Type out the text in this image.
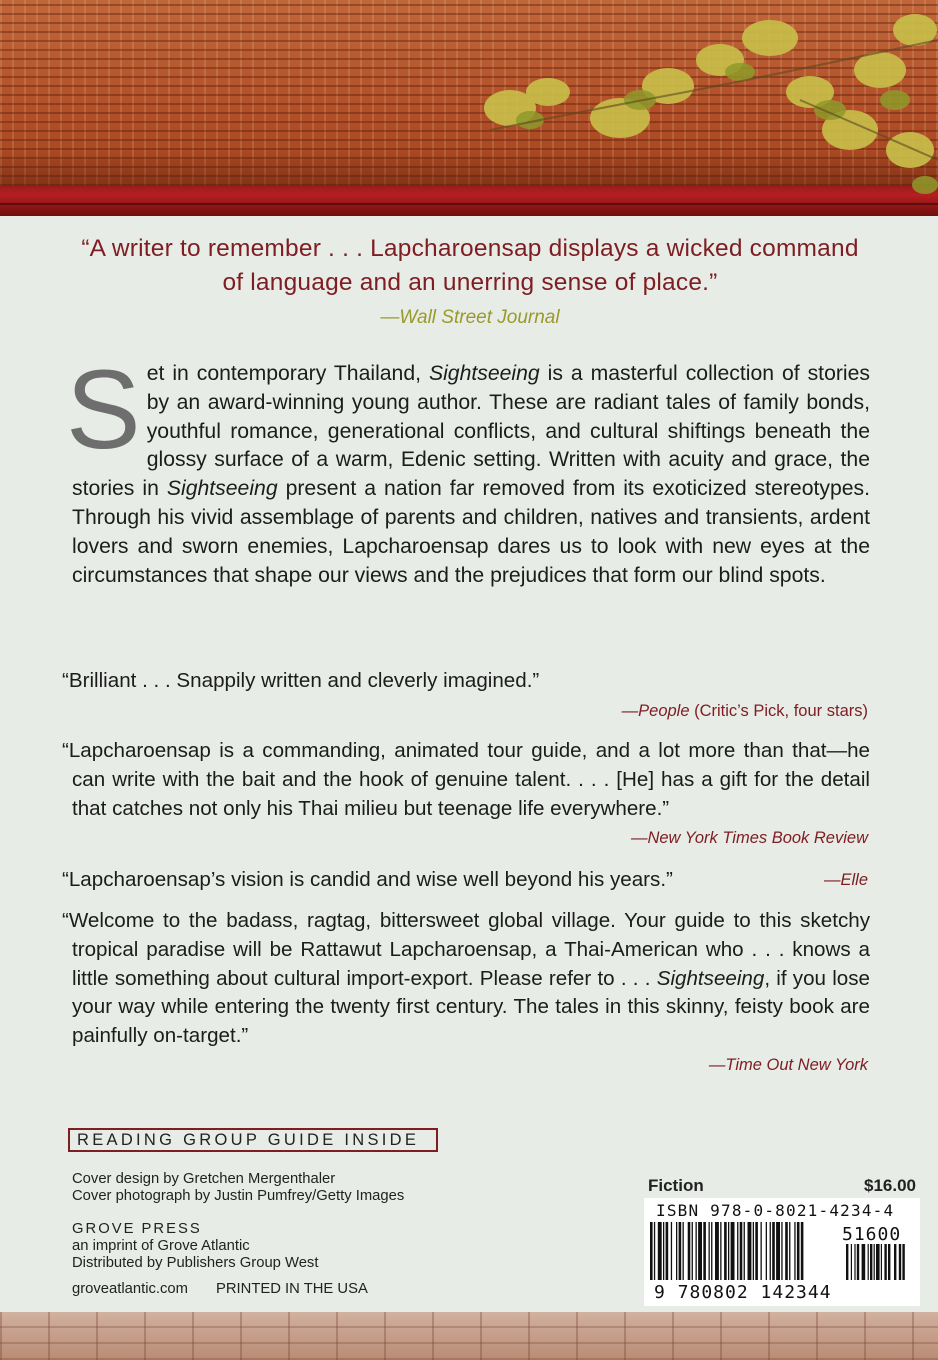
“A writer to remember . . . Lapcharoensap displays a wicked command of language and an unerring sense of place.”
—Wall Street Journal
Set in contemporary Thailand, Sightseeing is a masterful collection of stories by an award-winning young author. These are radiant tales of family bonds, youthful romance, generational conflicts, and cultural shiftings beneath the glossy surface of a warm, Edenic setting. Written with acuity and grace, the stories in Sightseeing present a nation far removed from its exoticized stereotypes. Through his vivid assemblage of parents and children, natives and transients, ardent lovers and sworn enemies, Lapcharoensap dares us to look with new eyes at the circumstances that shape our views and the prejudices that form our blind spots.
“Brilliant . . . Snappily written and cleverly imagined.”
—People (Critic’s Pick, four stars)
“Lapcharoensap is a commanding, animated tour guide, and a lot more than that—he can write with the bait and the hook of genuine talent. . . . [He] has a gift for the detail that catches not only his Thai milieu but teenage life everywhere.”
—New York Times Book Review
“Lapcharoensap’s vision is candid and wise well beyond his years.”	—Elle
“Welcome to the badass, ragtag, bittersweet global village. Your guide to this sketchy tropical paradise will be Rattawut Lapcharoensap, a Thai-American who . . . knows a little something about cultural import-export. Please refer to . . . Sightseeing, if you lose your way while entering the twenty first century. The tales in this skinny, feisty book are painfully on-target.”
—Time Out New York
READING GROUP GUIDE INSIDE
Cover design by Gretchen Mergenthaler
Cover photograph by Justin Pumfrey/Getty Images
GROVE PRESS
an imprint of Grove Atlantic
Distributed by Publishers Group West
groveatlantic.com PRINTED IN THE USA
Fiction	$16.00
ISBN 978-0-8021-4234-4
51600
9 780802 142344
